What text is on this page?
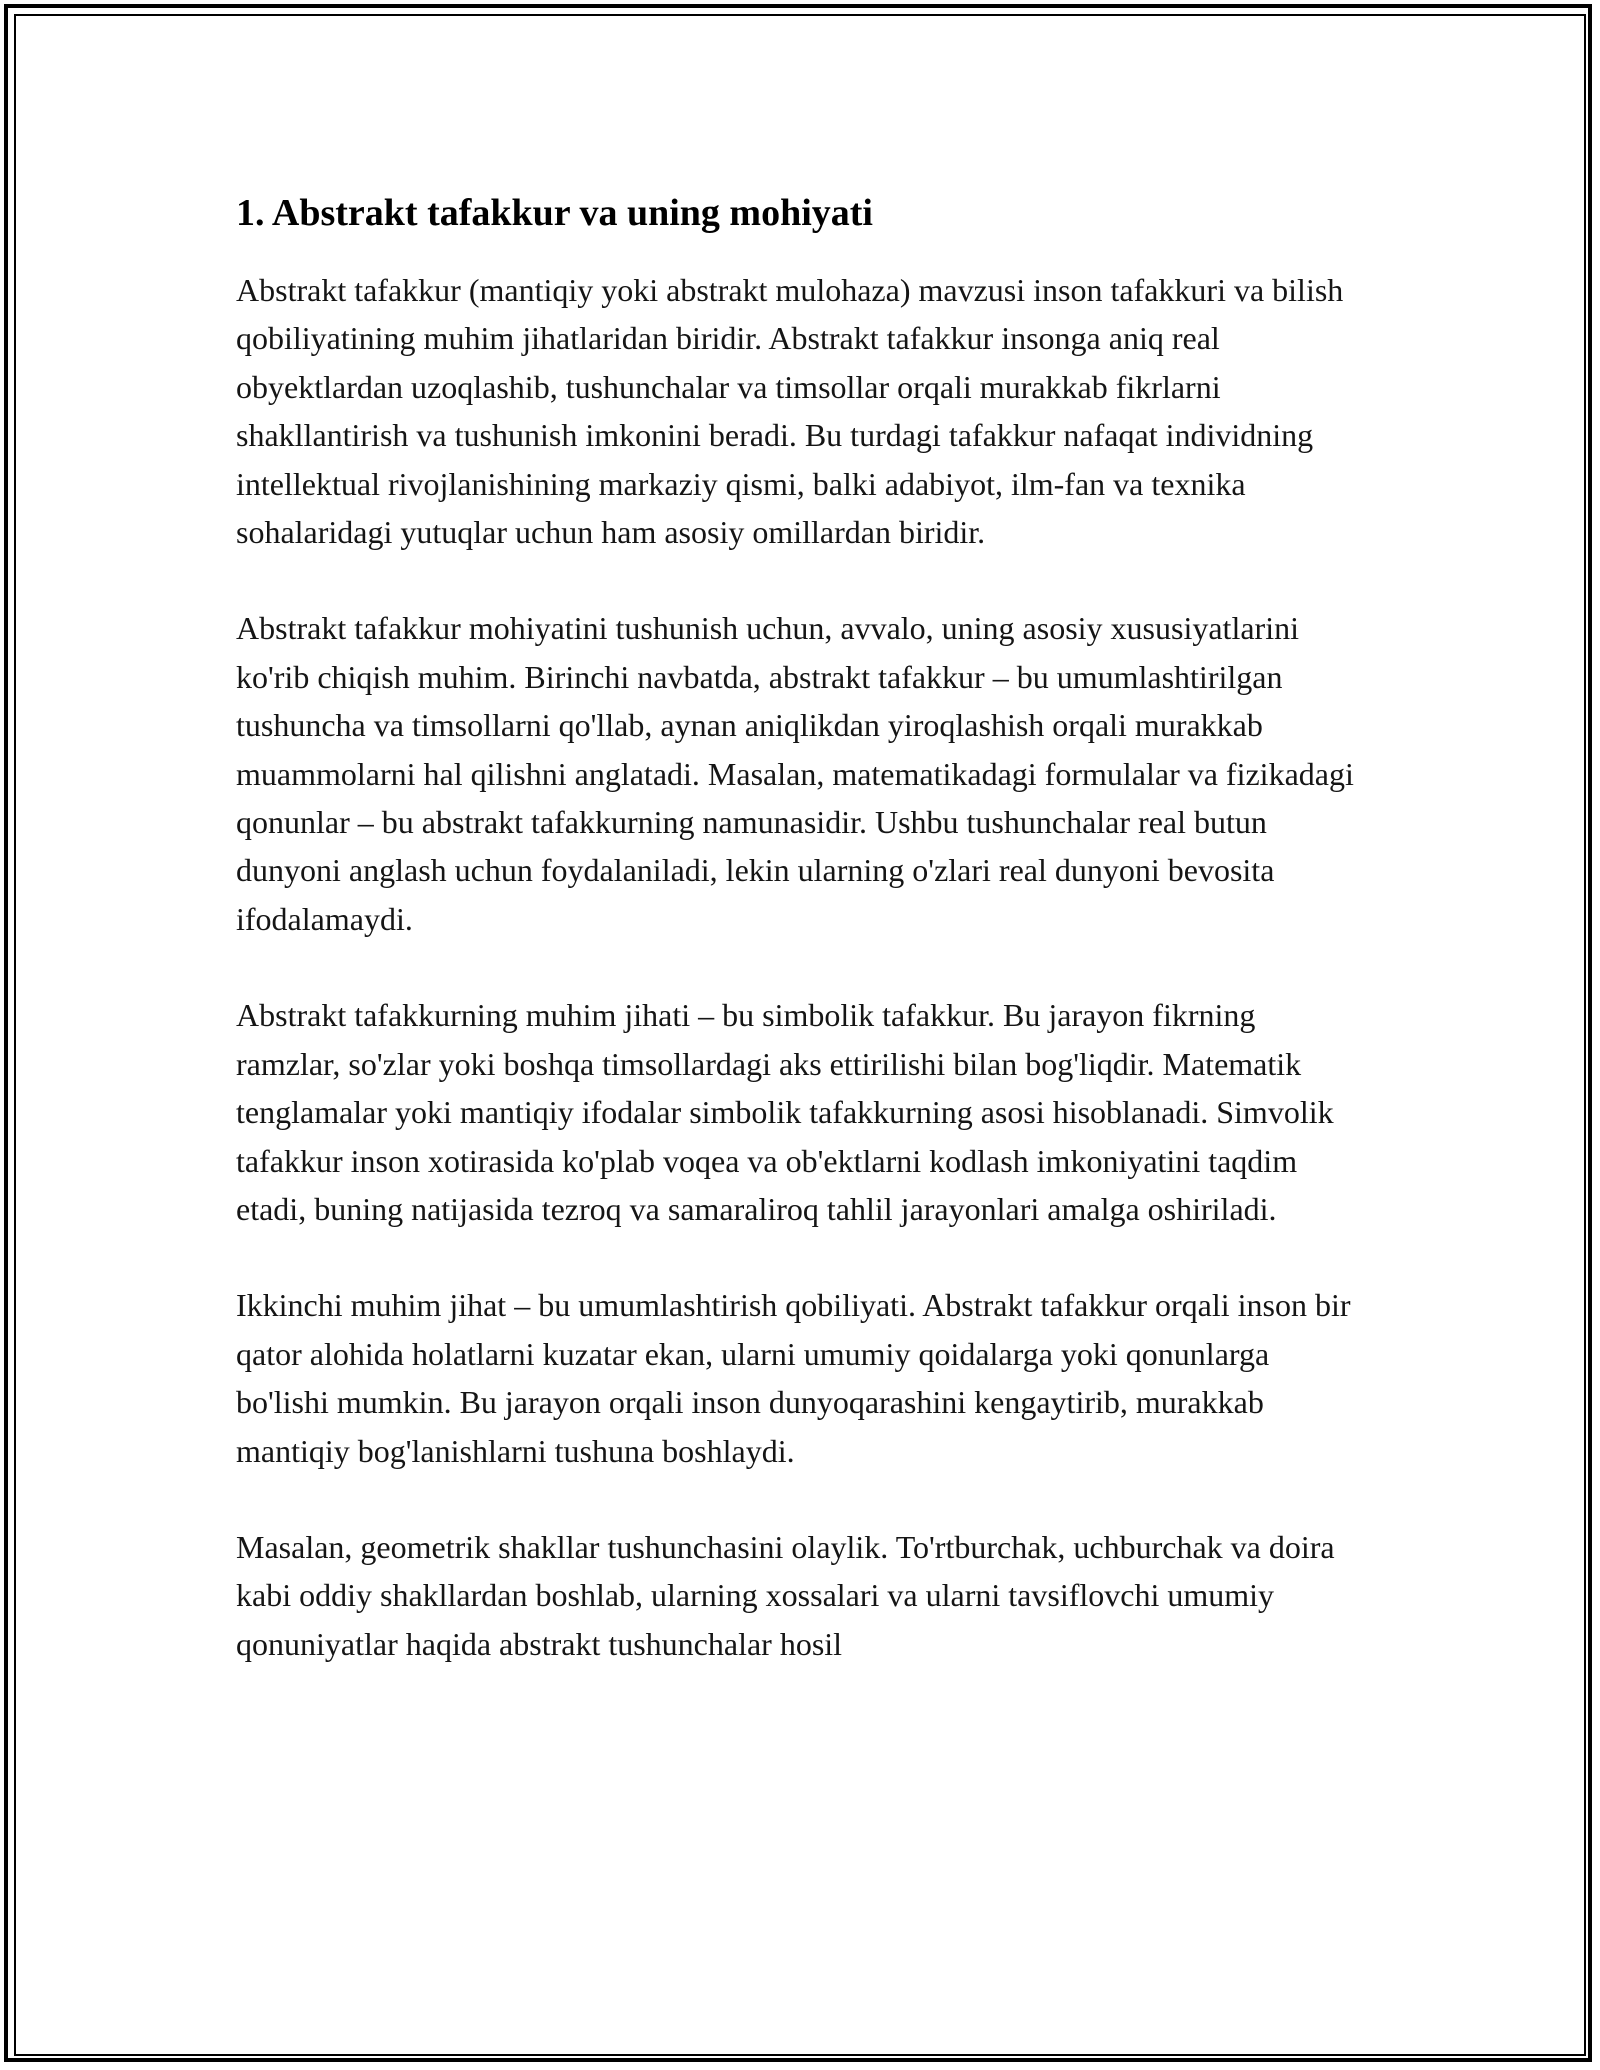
1. Abstrakt tafakkur va uning mohiyati

Abstrakt tafakkur (mantiqiy yoki abstrakt mulohaza) mavzusi inson tafakkuri va bilish qobiliyatining muhim jihatlaridan biridir. Abstrakt tafakkur insonga aniq real obyektlardan uzoqlashib, tushunchalar va timsollar orqali murakkab fikrlarni shakllantirish va tushunish imkonini beradi. Bu turdagi tafakkur nafaqat individning intellektual rivojlanishining markaziy qismi, balki adabiyot, ilm-fan va texnika sohalaridagi yutuqlar uchun ham asosiy omillardan biridir.

Abstrakt tafakkur mohiyatini tushunish uchun, avvalo, uning asosiy xususiyatlarini ko'rib chiqish muhim. Birinchi navbatda, abstrakt tafakkur – bu umumlashtirilgan tushuncha va timsollarni qo'llab, aynan aniqlikdan yiroqlashish orqali murakkab muammolarni hal qilishni anglatadi. Masalan, matematikadagi formulalar va fizikadagi qonunlar – bu abstrakt tafakkurning namunasidir. Ushbu tushunchalar real butun dunyoni anglash uchun foydalaniladi, lekin ularning o'zlari real dunyoni bevosita ifodalamaydi.

Abstrakt tafakkurning muhim jihati – bu simbolik tafakkur. Bu jarayon fikrning ramzlar, so'zlar yoki boshqa timsollardagi aks ettirilishi bilan bog'liqdir. Matematik tenglamalar yoki mantiqiy ifodalar simbolik tafakkurning asosi hisoblanadi. Simvolik tafakkur inson xotirasida ko'plab voqea va ob'ektlarni kodlash imkoniyatini taqdim etadi, buning natijasida tezroq va samaraliroq tahlil jarayonlari amalga oshiriladi.

Ikkinchi muhim jihat – bu umumlashtirish qobiliyati. Abstrakt tafakkur orqali inson bir qator alohida holatlarni kuzatar ekan, ularni umumiy qoidalarga yoki qonunlarga bo'lishi mumkin. Bu jarayon orqali inson dunyoqarashini kengaytirib, murakkab mantiqiy bog'lanishlarni tushuna boshlaydi.

Masalan, geometrik shakllar tushunchasini olaylik. To'rtburchak, uchburchak va doira kabi oddiy shakllardan boshlab, ularning xossalari va ularni tavsiflovchi umumiy qonuniyatlar haqida abstrakt tushunchalar hosil
